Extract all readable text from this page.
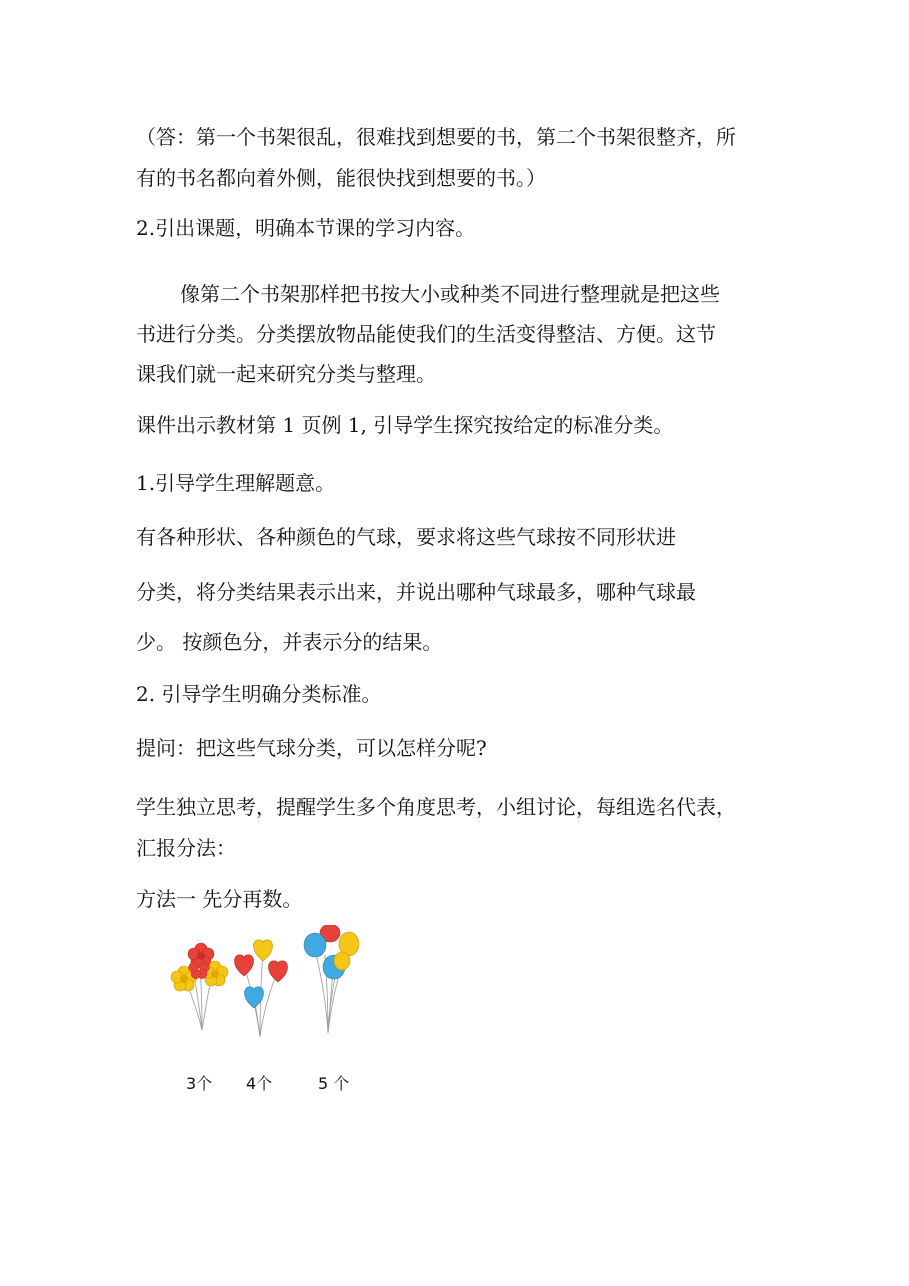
（答：第一个书架很乱，很难找到想要的书，第二个书架很整齐，所

有的书名都向着外侧，能很快找到想要的书。）

2.引出课题，明确本节课的学习内容。

像第二个书架那样把书按大小或种类不同进行整理就是把这些

书进行分类。分类摆放物品能使我们的生活变得整洁、方便。这节

课我们就一起来研究分类与整理。

课件出示教材第 1 页例 1, 引导学生探究按给定的标准分类。

1.引导学生理解题意。

有各种形状、各种颜色的气球，要求将这些气球按不同形状进

分类，将分类结果表示出来，并说出哪种气球最多，哪种气球最

少。 按颜色分，并表示分的结果。

2. 引导学生明确分类标准。

提问：把这些气球分类，可以怎样分呢?

学生独立思考，提醒学生多个角度思考，小组讨论，每组选名代表，

汇报分法：

方法一 先分再数。

3个 4个	5 个
